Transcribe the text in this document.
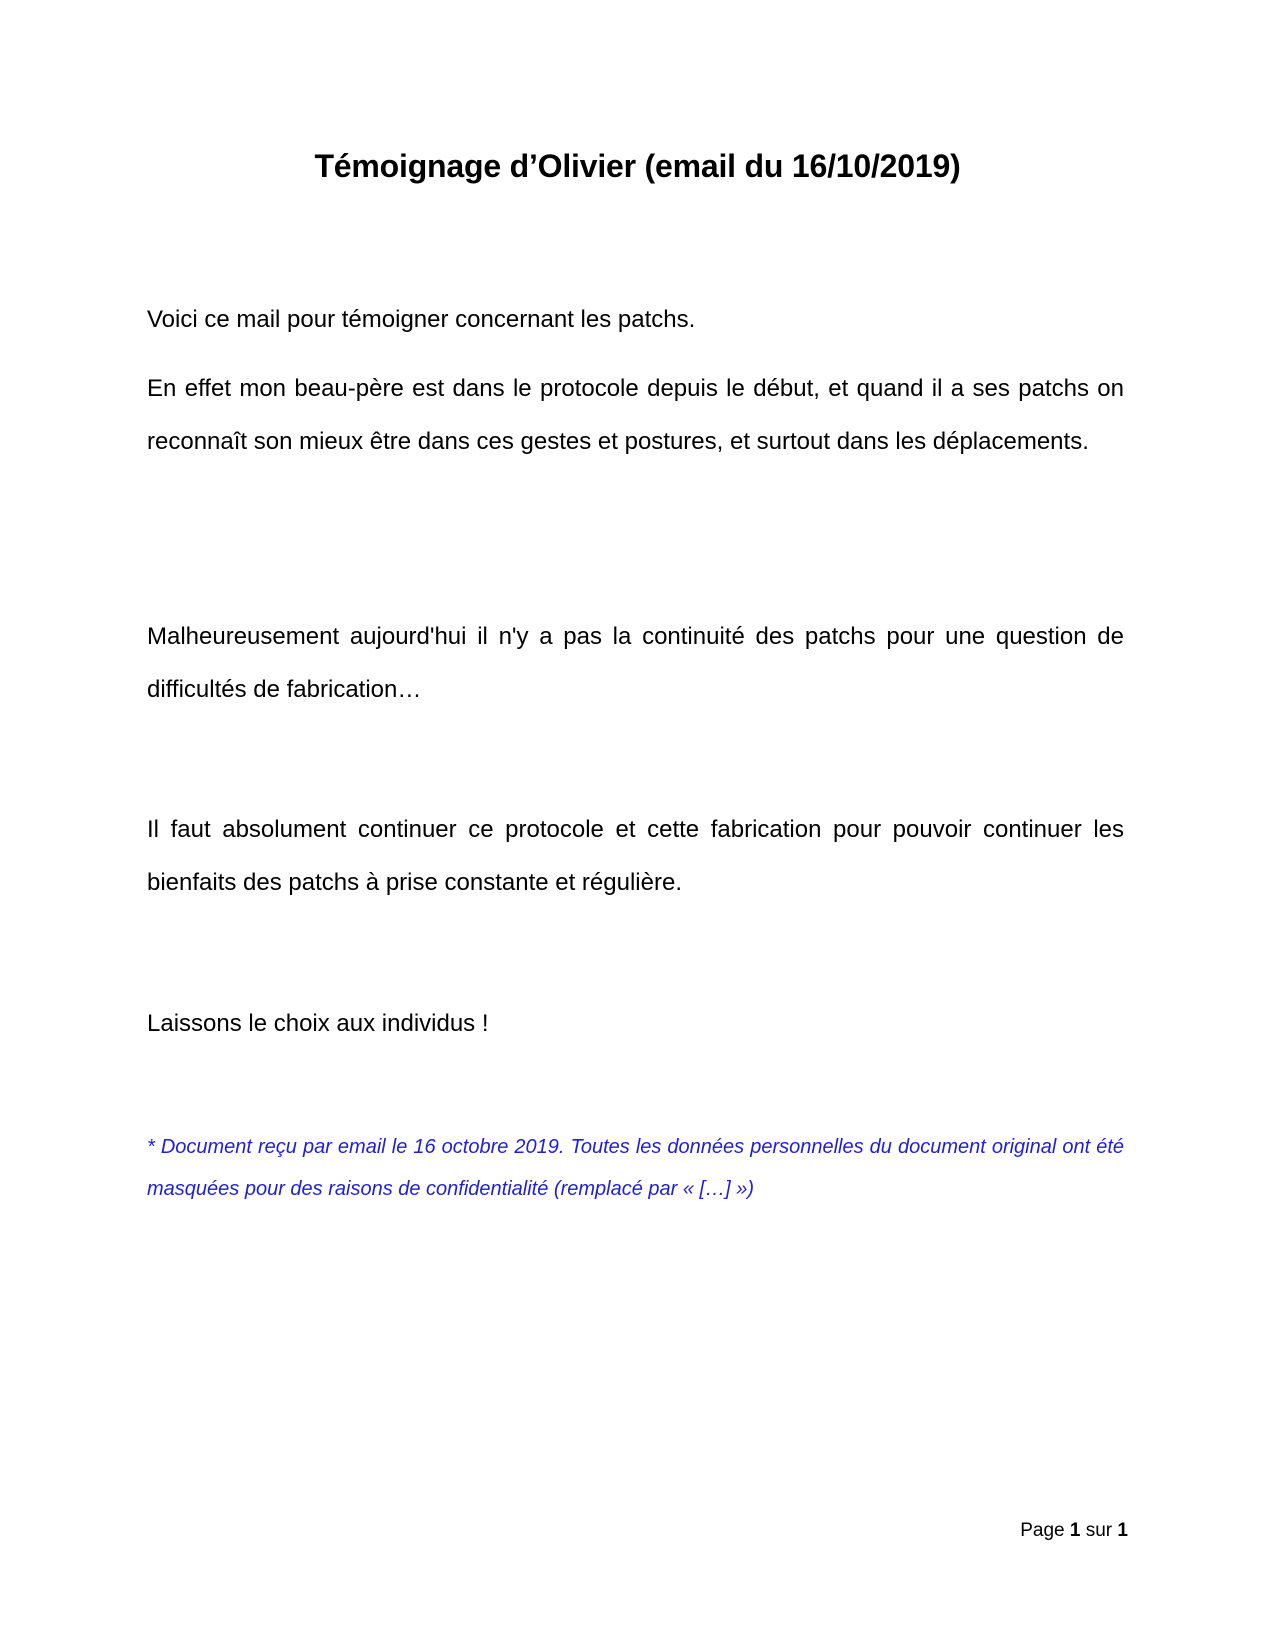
Témoignage d’Olivier (email du 16/10/2019)

Voici ce mail pour témoigner concernant les patchs.

En effet mon beau-père est dans le protocole depuis le début, et quand il a ses patchs on reconnaît son mieux être dans ces gestes et postures, et surtout dans les déplacements.

Malheureusement aujourd'hui il n'y a pas la continuité des patchs pour une question de difficultés de fabrication…

Il faut absolument continuer ce protocole et cette fabrication pour pouvoir continuer les bienfaits des patchs à prise constante et régulière.

Laissons le choix aux individus !

* Document reçu par email le 16 octobre 2019. Toutes les données personnelles du document original ont été masquées pour des raisons de confidentialité (remplacé par « […] »)

Page 1 sur 1
